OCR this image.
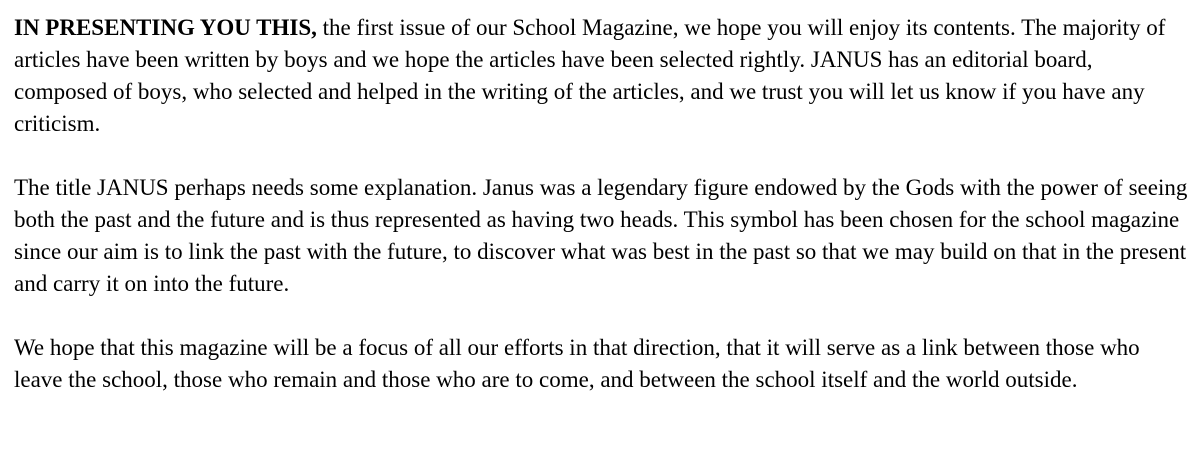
IN PRESENTING YOU THIS, the first issue of our School Magazine, we hope you will enjoy its contents. The majority of articles have been written by boys and we hope the articles have been selected rightly. JANUS has an editorial board, composed of boys, who selected and helped in the writing of the articles, and we trust you will let us know if you have any criticism.

The title JANUS perhaps needs some explanation. Janus was a legendary figure endowed by the Gods with the power of seeing both the past and the future and is thus represented as having two heads. This symbol has been chosen for the school magazine since our aim is to link the past with the future, to discover what was best in the past so that we may build on that in the present and carry it on into the future.

We hope that this magazine will be a focus of all our efforts in that direction, that it will serve as a link between those who leave the school, those who remain and those who are to come, and between the school itself and the world outside.
